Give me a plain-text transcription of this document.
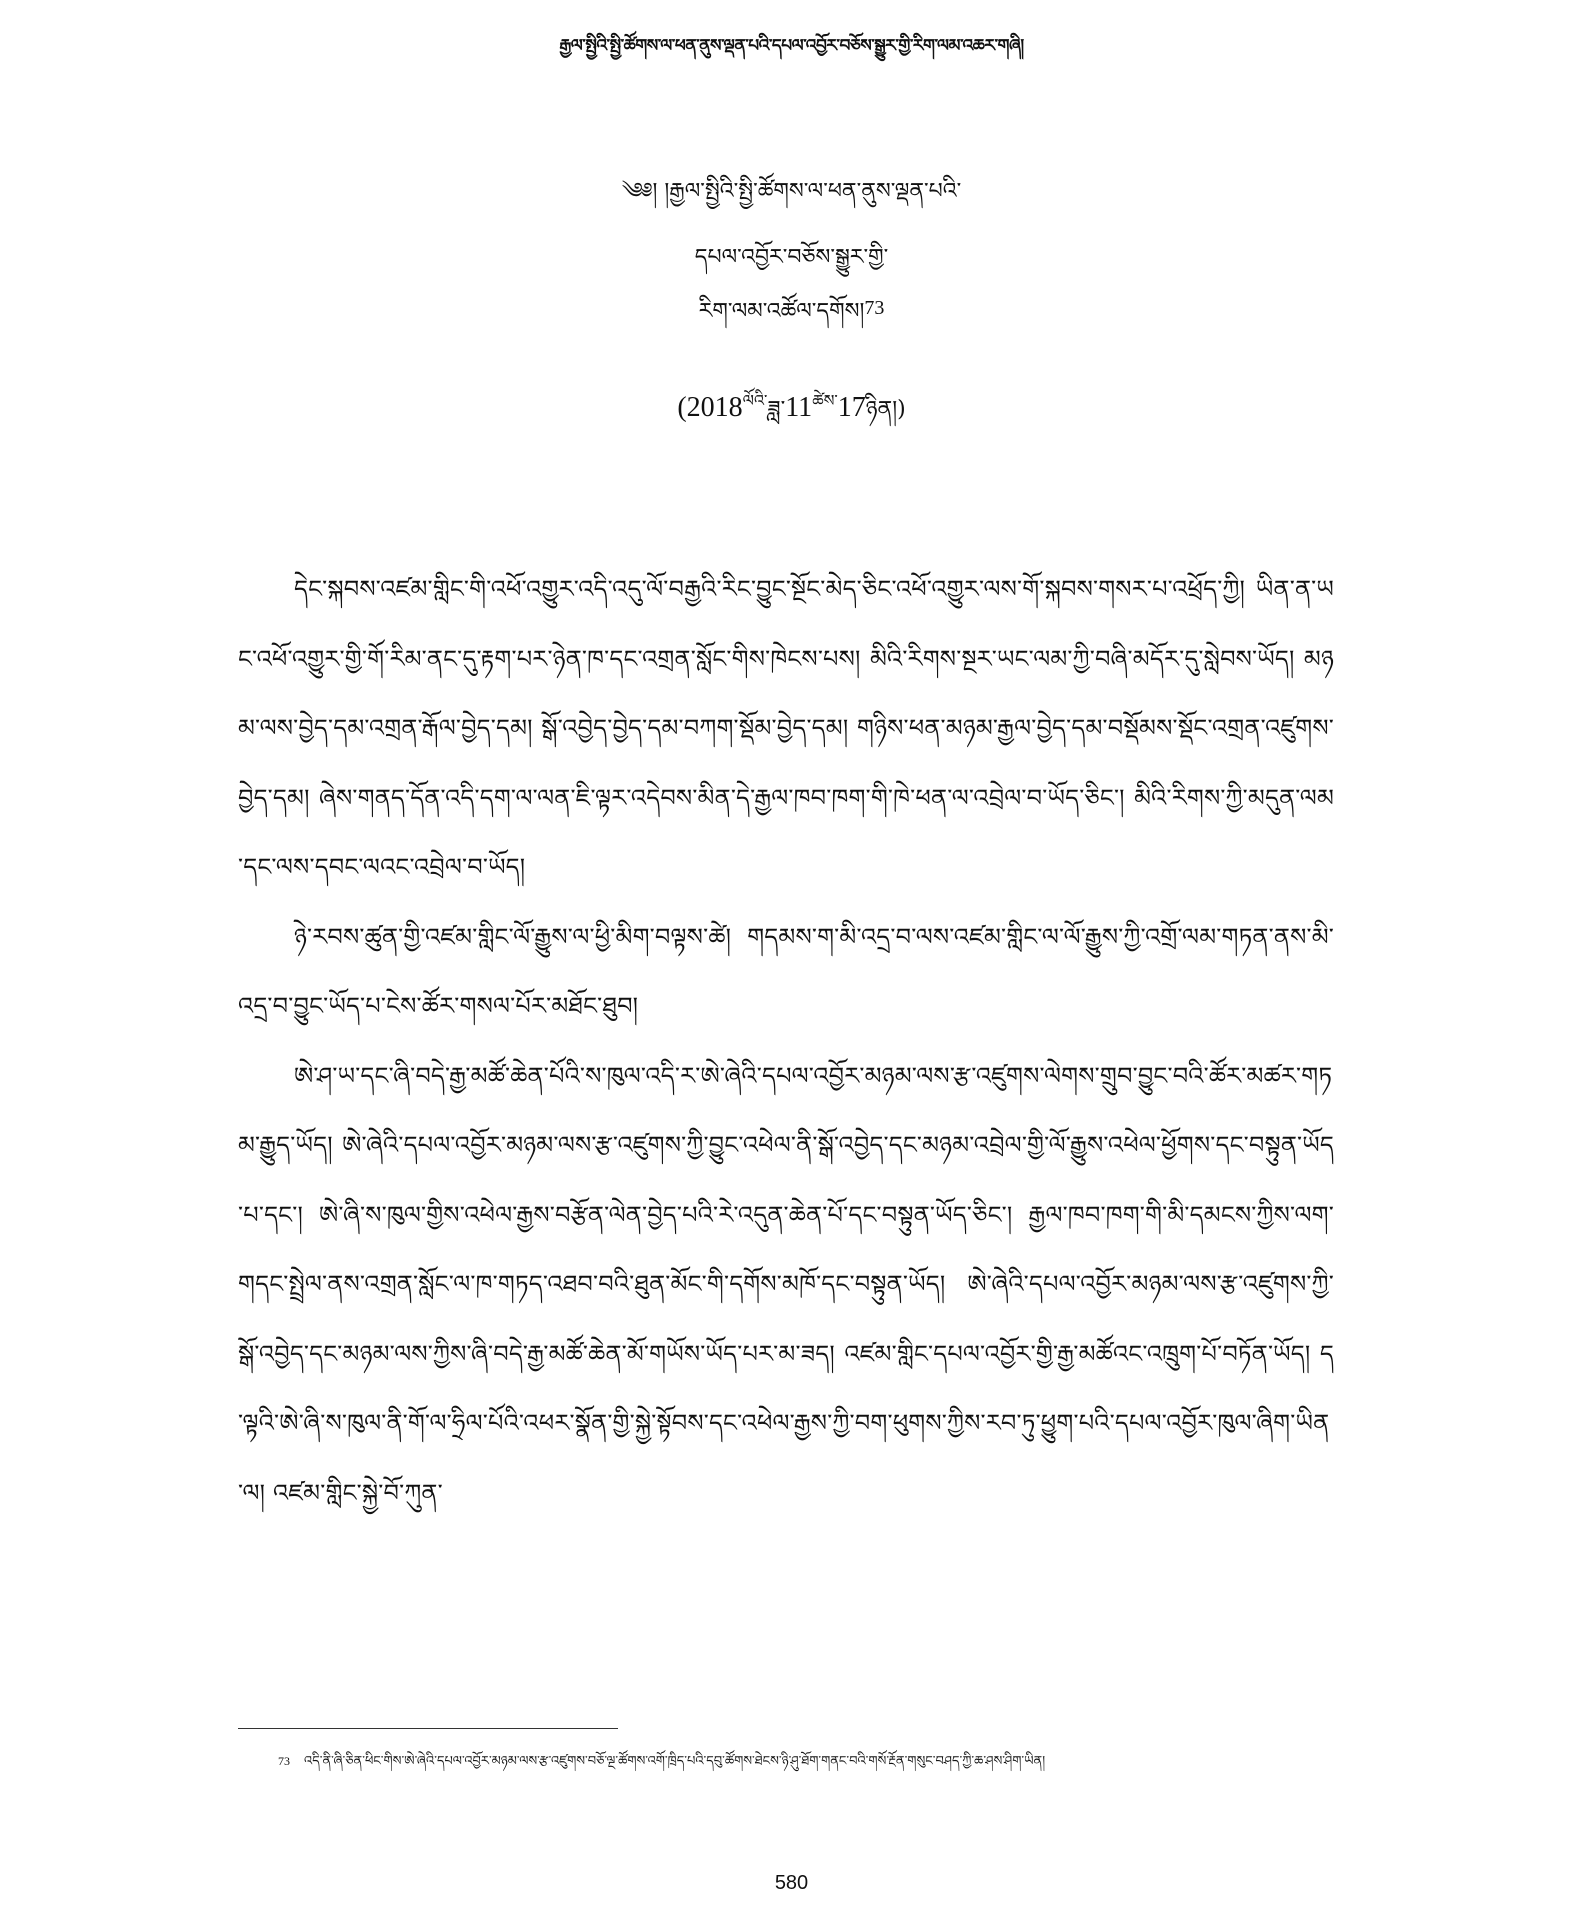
རྒྱལ་སྤྱིའི་སྤྱི་ཚོགས་ལ་ཕན་ནུས་ལྡན་པའི་དཔལ་འབྱོར་བཅོས་སྒྱུར་གྱི་རིག་ལམ་འཆར་གཞི།
༄༅། །རྒྱལ་སྤྱིའི་སྤྱི་ཚོགས་ལ་ཕན་ནུས་ལྡན་པའི་
དཔལ་འབྱོར་བཅོས་སྒྱུར་གྱི་
རིག་ལམ་འཚོལ་དགོས།73
$(2018^{ལོའི་}ཟླ་11^{ཚེས་}17ཉིན།)$

དེང་སྐབས་འཛམ་གླིང་གི་འཕོ་འགྱུར་འདི་འདུ་ལོ་བརྒྱའི་རིང་བྱུང་སྔོང་མེད་ཅིང་འཕོ་འགྱུར་ལས་གོ་སྐབས་གསར་པ་འཕྲོད་ཀྱི། ཡིན་ན་ཡང་འཕོ་འགྱུར་གྱི་གོ་རིམ་ནང་དུ་རྟག་པར་ཉེན་ཁ་དང་འགྲན་སློང་གིས་ཁེངས་པས། མིའི་རིགས་སྔར་ཡང་ལམ་ཀྱི་བཞི་མདོར་དུ་སླེབས་ཡོད། མཉམ་ལས་བྱེད་དམ་འགྲན་རྒོལ་བྱེད་དམ། སྒོ་འབྱེད་བྱེད་དམ་བཀག་སྡོམ་བྱེད་དམ། གཉིས་ཕན་མཉམ་རྒྱལ་བྱེད་དམ་བསྡོམས་སྡོང་འགྲན་འཛུགས་བྱེད་དམ། ཞེས་གནད་དོན་འདི་དག་ལ་ལན་ཇི་ལྟར་འདེབས་མིན་དེ་རྒྱལ་ཁབ་ཁག་གི་ཁེ་ཕན་ལ་འབྲེལ་བ་ཡོད་ཅིང་། མིའི་རིགས་ཀྱི་མདུན་ལམ་དང་ལས་དབང་ལའང་འབྲེལ་བ་ཡོད།

ཉེ་རབས་ཚུན་གྱི་འཛམ་གླིང་ལོ་རྒྱུས་ལ་ཕྱི་མིག་བལྟས་ཚེ། གདམས་ག་མི་འདྲ་བ་ལས་འཛམ་གླིང་ལ་ལོ་རྒྱུས་ཀྱི་འགྲོ་ལམ་གཏན་ནས་མི་འདྲ་བ་བྱུང་ཡོད་པ་ངེས་ཚོར་གསལ་པོར་མཐོང་ཐུབ།

ཨེ་ཤ་ཡ་དང་ཞི་བདེ་རྒྱ་མཚོ་ཆེན་པོའི་ས་ཁུལ་འདི་ར་ཨེ་ཞེའི་དཔལ་འབྱོར་མཉམ་ལས་རྩ་འཛུགས་ལེགས་གྲུབ་བྱུང་བའི་ཚོར་མཚར་གཏམ་རྒྱུད་ཡོད། ཨེ་ཞེའི་དཔལ་འབྱོར་མཉམ་ལས་རྩ་འཛུགས་ཀྱི་བྱུང་འཕེལ་ནི་སྒོ་འབྱེད་དང་མཉམ་འབྲེལ་གྱི་ལོ་རྒྱུས་འཕེལ་ཕྱོགས་དང་བསྟུན་ཡོད་པ་དང་། ཨེ་ཞི་ས་ཁུལ་གྱིས་འཕེལ་རྒྱས་བརྩོན་ལེན་བྱེད་པའི་རེ་འདུན་ཆེན་པོ་དང་བསྟུན་ཡོད་ཅིང་། རྒྱལ་ཁབ་ཁག་གི་མི་དམངས་ཀྱིས་ལག་གདང་སྤྲེལ་ནས་འགྲན་སློང་ལ་ཁ་གཏད་འཐབ་བའི་ཐུན་མོང་གི་དགོས་མཁོ་དང་བསྟུན་ཡོད། ཨེ་ཞེའི་དཔལ་འབྱོར་མཉམ་ལས་རྩ་འཛུགས་ཀྱི་སྒོ་འབྱེད་དང་མཉམ་ལས་ཀྱིས་ཞི་བདེ་རྒྱ་མཚོ་ཆེན་མོ་གཡོས་ཡོད་པར་མ་ཟད། འཛམ་གླིང་དཔལ་འབྱོར་གྱི་རྒྱ་མཚོའང་འཁྲུག་པོ་བཏོན་ཡོད། ད་ལྟའི་ཨེ་ཞི་ས་ཁུལ་ནི་གོ་ལ་ཧྲིལ་པོའི་འཕར་སྣོན་གྱི་སྐྱེ་སྟོབས་དང་འཕེལ་རྒྱས་ཀྱི་བག་ཕུགས་ཀྱིས་རབ་ཏུ་ཕྱུག་པའི་དཔལ་འབྱོར་ཁུལ་ཞིག་ཡིན་ལ། འཛམ་གླིང་སྐྱེ་བོ་ཀུན་

73 འདི་ནི་ཞི་ཅིན་ཕིང་གིས་ཨེ་ཞེའི་དཔལ་འབྱོར་མཉམ་ལས་རྩ་འཛུགས་བཅོ་ལྔ་ཚོགས་འགོ་ཁྲིད་པའི་དབུ་ཚོགས་ཐེངས་ཉི་ཤུ་ཐོག་གནང་བའི་གསོ་རྔོན་གསུང་བཤད་ཀྱི་ཆ་ཤས་ཤིག་ཡིན།
580
